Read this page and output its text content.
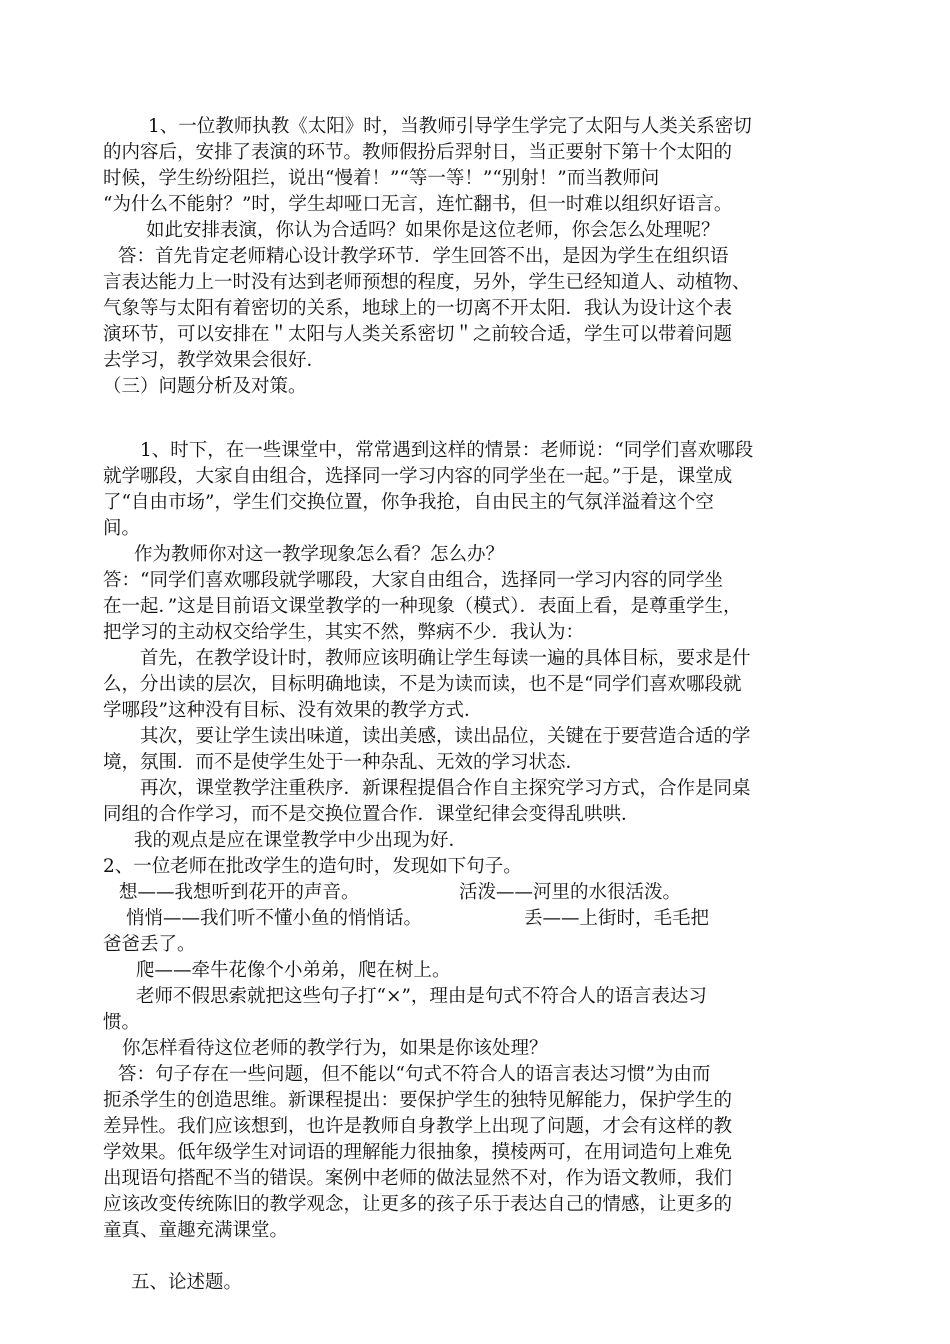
1、一位教师执教《太阳》时，当教师引导学生学完了太阳与人类关系密切
的内容后，安排了表演的环节。教师假扮后羿射日，当正要射下第十个太阳的
时候，学生纷纷阻拦，说出“慢着！”“等一等！”“别射！”而当教师问
“为什么不能射？”时，学生却哑口无言，连忙翻书，但一时难以组织好语言。
如此安排表演，你认为合适吗？如果你是这位老师，你会怎么处理呢？
答：首先肯定老师精心设计教学环节．学生回答不出，是因为学生在组织语
言表达能力上一时没有达到老师预想的程度，另外，学生已经知道人、动植物、
气象等与太阳有着密切的关系，地球上的一切离不开太阳．我认为设计这个表
演环节，可以安排在＂太阳与人类关系密切＂之前较合适，学生可以带着问题
去学习，教学效果会很好．
（三）问题分析及对策。
1、时下，在一些课堂中，常常遇到这样的情景：老师说：“同学们喜欢哪段
就学哪段，大家自由组合，选择同一学习内容的同学坐在一起。”于是，课堂成
了“自由市场”，学生们交换位置，你争我抢，自由民主的气氛洋溢着这个空
间。
作为教师你对这一教学现象怎么看？怎么办？
答：“同学们喜欢哪段就学哪段，大家自由组合，选择同一学习内容的同学坐
在一起．”这是目前语文课堂教学的一种现象（模式）．表面上看，是尊重学生，
把学习的主动权交给学生，其实不然，弊病不少．我认为：
首先，在教学设计时，教师应该明确让学生每读一遍的具体目标，要求是什
么，分出读的层次，目标明确地读，不是为读而读，也不是“同学们喜欢哪段就
学哪段”这种没有目标、没有效果的教学方式．
其次，要让学生读出味道，读出美感，读出品位，关键在于要营造合适的学
境，氛围．而不是使学生处于一种杂乱、无效的学习状态．
再次，课堂教学注重秩序．新课程提倡合作自主探究学习方式，合作是同桌
同组的合作学习，而不是交换位置合作．课堂纪律会变得乱哄哄．
我的观点是应在课堂教学中少出现为好．
2、一位老师在批改学生的造句时，发现如下句子。
想——我想听到花开的声音。	活泼——河里的水很活泼。
悄悄——我们听不懂小鱼的悄悄话。	丢——上街时，毛毛把
爸爸丢了。
爬——牵牛花像个小弟弟，爬在树上。
老师不假思索就把这些句子打“×”，理由是句式不符合人的语言表达习
惯。
你怎样看待这位老师的教学行为，如果是你该处理？
答：句子存在一些问题，但不能以“句式不符合人的语言表达习惯”为由而
扼杀学生的创造思维。新课程提出：要保护学生的独特见解能力，保护学生的
差异性。我们应该想到，也许是教师自身教学上出现了问题，才会有这样的教
学效果。低年级学生对词语的理解能力很抽象，摸棱两可，在用词造句上难免
出现语句搭配不当的错误。案例中老师的做法显然不对，作为语文教师，我们
应该改变传统陈旧的教学观念，让更多的孩子乐于表达自己的情感，让更多的
童真、童趣充满课堂。
五、论述题。
